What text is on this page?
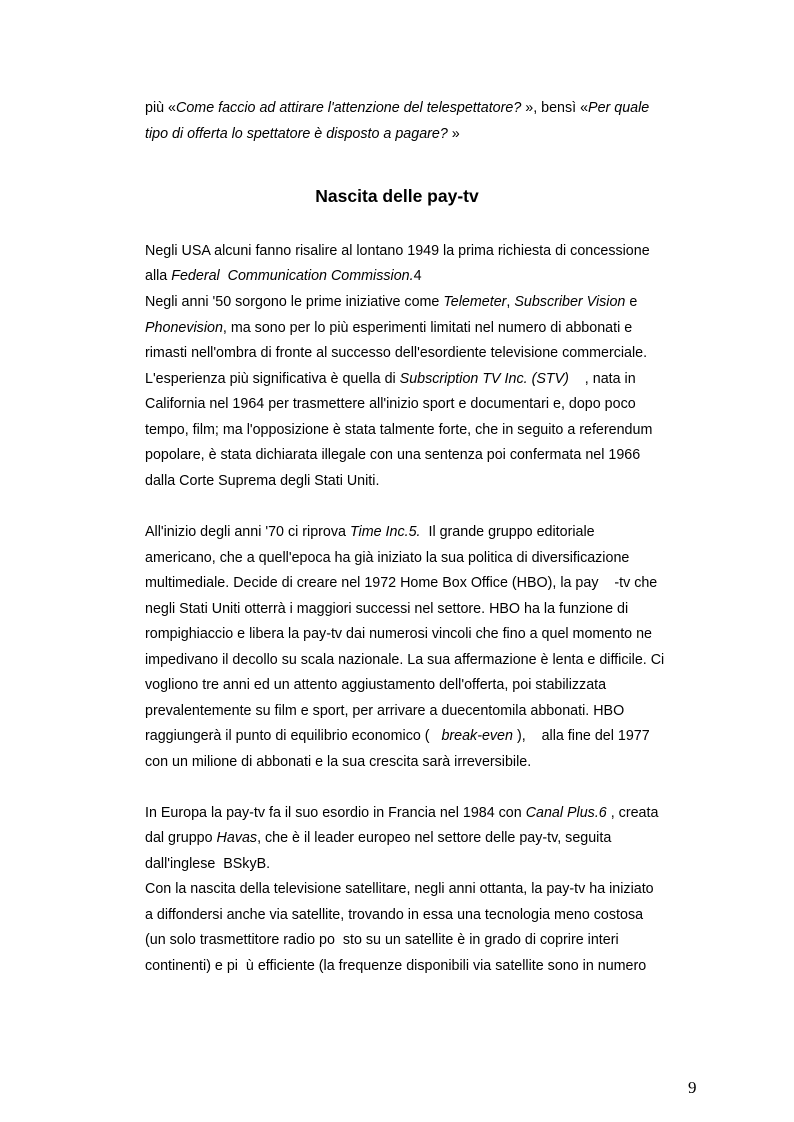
più «Come faccio ad attirare l'attenzione del telespettatore? », bensì «Per quale
tipo di offerta lo spettatore è disposto a pagare? »
Nascita delle pay-tv
Negli USA alcuni fanno risalire al lontano 1949 la prima richiesta di concessione
alla Federal  Communication Commission.4
Negli anni '50 sorgono le prime iniziative come Telemeter, Subscriber Vision e
Phonevision, ma sono per lo più esperimenti limitati nel numero di abbonati e
rimasti nell'ombra di fronte al successo dell'esordiente televisione commerciale.
L'esperienza più significativa è quella di Subscription TV Inc. (STV)    , nata in
California nel 1964 per trasmettere all'inizio sport e documentari e, dopo poco
tempo, film; ma l'opposizione è stata talmente forte, che in seguito a referendum
popolare, è stata dichiarata illegale con una sentenza poi confermata nel 1966
dalla Corte Suprema degli Stati Uniti.
All'inizio degli anni '70 ci riprova Time Inc.5.  Il grande gruppo editoriale
americano, che a quell'epoca ha già iniziato la sua politica di diversificazione
multimediale. Decide di creare nel 1972 Home Box Office (HBO), la pay    -tv che
negli Stati Uniti otterrà i maggiori successi nel settore. HBO ha la funzione di
rompighiaccio e libera la pay-tv dai numerosi vincoli che fino a quel momento ne
impedivano il decollo su scala nazionale. La sua affermazione è lenta e difficile. Ci
vogliono tre anni ed un attento aggiustamento dell'offerta, poi stabilizzata
prevalentemente su film e sport, per arrivare a duecentomila abbonati. HBO
raggiungerà il punto di equilibrio economico (   break-even ),    alla fine del 1977
con un milione di abbonati e la sua crescita sarà irreversibile.
In Europa la pay-tv fa il suo esordio in Francia nel 1984 con Canal Plus.6 , creata
dal gruppo Havas, che è il leader europeo nel settore delle pay-tv, seguita
dall'inglese  BSkyB.
Con la nascita della televisione satellitare, negli anni ottanta, la pay-tv ha iniziato
a diffondersi anche via satellite, trovando in essa una tecnologia meno costosa
(un solo trasmettitore radio po  sto su un satellite è in grado di coprire interi
continenti) e pi  ù efficiente (la frequenze disponibili via satellite sono in numero
9
